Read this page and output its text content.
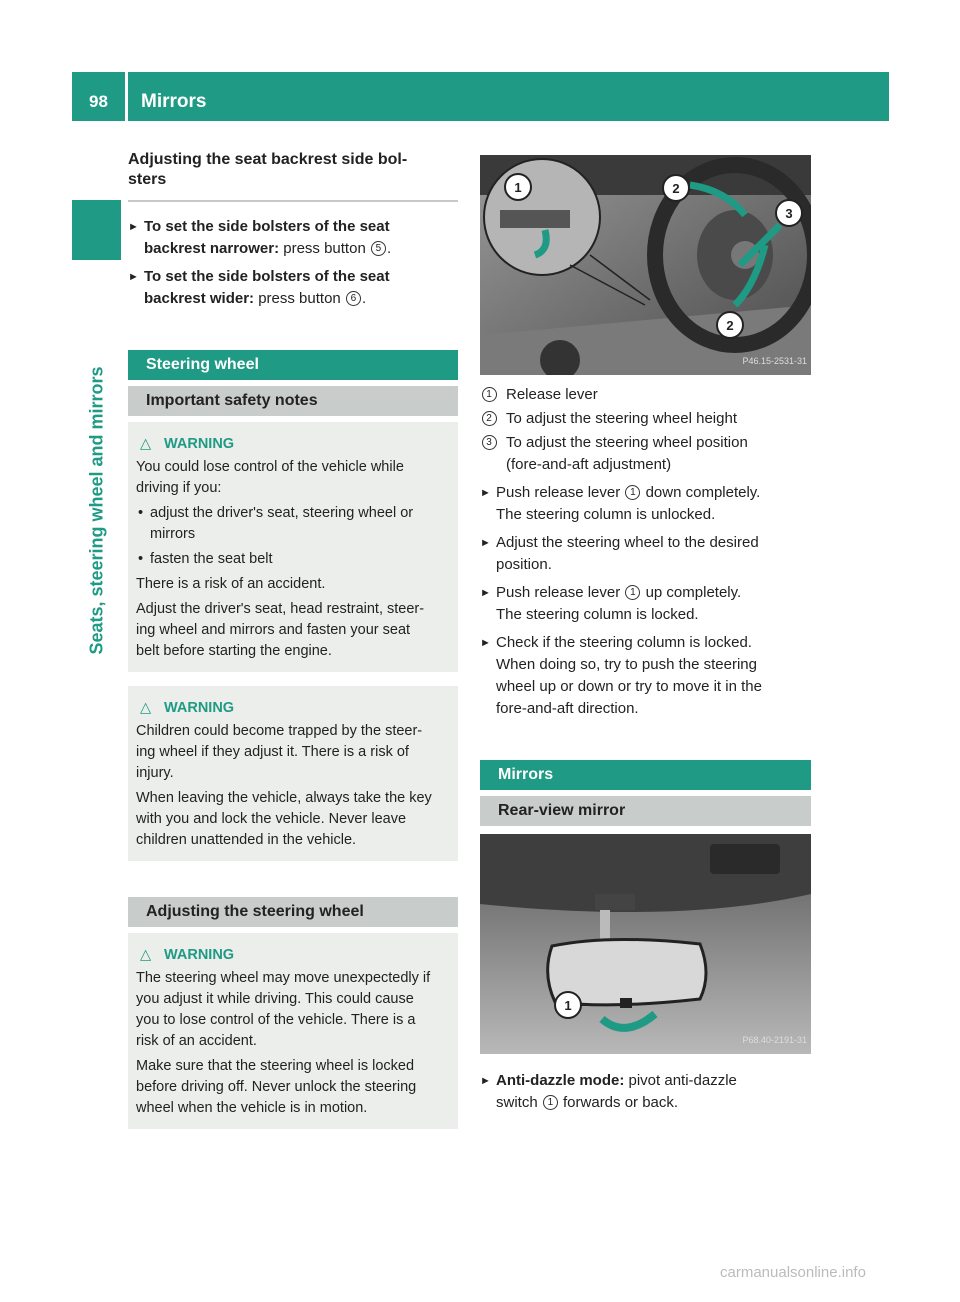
98	Mirrors
Seats, steering wheel and mirrors
Adjusting the seat backrest side bol-
sters
► To set the side bolsters of the seat
backrest narrower: press button 5 .
► To set the side bolsters of the seat
backrest wider: press button 6 .
Steering wheel
Important safety notes
△ WARNING
You could lose control of the vehicle while
driving if you:
• adjust the driver's seat, steering wheel or
mirrors
• fasten the seat belt
There is a risk of an accident.
Adjust the driver's seat, head restraint, steer-
ing wheel and mirrors and fasten your seat
belt before starting the engine.
△ WARNING
Children could become trapped by the steer-
ing wheel if they adjust it. There is a risk of
injury.
When leaving the vehicle, always take the key
with you and lock the vehicle. Never leave
children unattended in the vehicle.
Adjusting the steering wheel
△ WARNING
The steering wheel may move unexpectedly if
you adjust it while driving. This could cause
you to lose control of the vehicle. There is a
risk of an accident.
Make sure that the steering wheel is locked
before driving off. Never unlock the steering
wheel when the vehicle is in motion.
1	2
3
2
P46.15-2531-31
1 Release lever
2 To adjust the steering wheel height
3 To adjust the steering wheel position
(fore-and-aft adjustment)
► Push release lever 1 down completely.
The steering column is unlocked.
► Adjust the steering wheel to the desired
position.
► Push release lever 1 up completely.
The steering column is locked.
► Check if the steering column is locked.
When doing so, try to push the steering
wheel up or down or try to move it in the
fore-and-aft direction.
Mirrors
Rear-view mirror
1
P68.40-2191-31
► Anti-dazzle mode: pivot anti-dazzle
switch 1 forwards or back.
carmanualsonline.info
